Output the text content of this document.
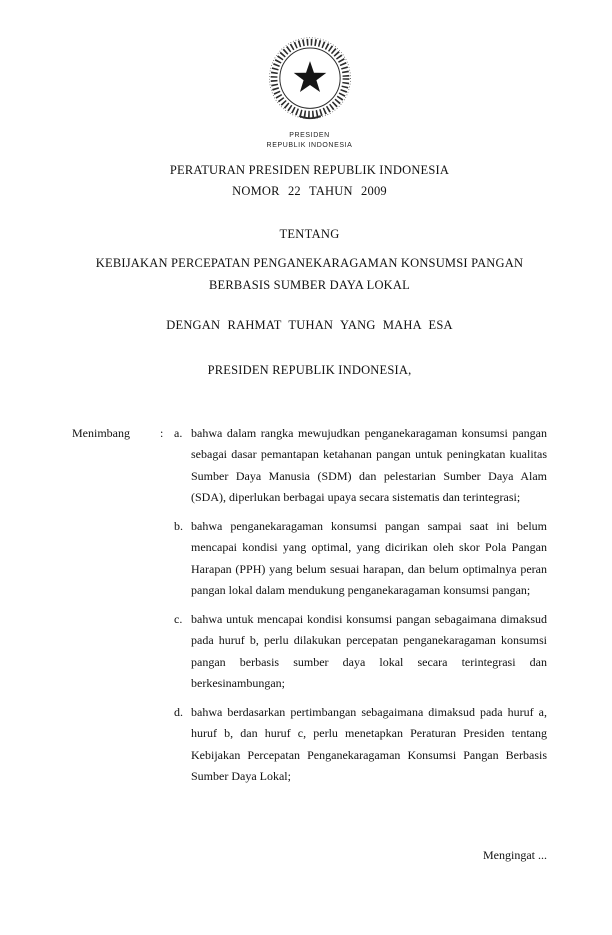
PRESIDEN
REPUBLIK INDONESIA
PERATURAN PRESIDEN REPUBLIK INDONESIA
NOMOR 22 TAHUN 2009
TENTANG
KEBIJAKAN PERCEPATAN PENGANEKARAGAMAN KONSUMSI PANGAN
BERBASIS SUMBER DAYA LOKAL
DENGAN RAHMAT TUHAN YANG MAHA ESA
PRESIDEN REPUBLIK INDONESIA,
Menimbang	: a. bahwa dalam rangka mewujudkan penganekaragaman konsumsi pangan sebagai dasar pemantapan ketahanan pangan untuk peningkatan kualitas Sumber Daya Manusia (SDM) dan pelestarian Sumber Daya Alam (SDA), diperlukan berbagai upaya secara sistematis dan terintegrasi;
b. bahwa penganekaragaman konsumsi pangan sampai saat ini belum mencapai kondisi yang optimal, yang dicirikan oleh skor Pola Pangan Harapan (PPH) yang belum sesuai harapan, dan belum optimalnya peran pangan lokal dalam mendukung penganekaragaman konsumsi pangan;
c. bahwa untuk mencapai kondisi konsumsi pangan sebagaimana dimaksud pada huruf b, perlu dilakukan percepatan penganekaragaman konsumsi pangan berbasis sumber daya lokal secara terintegrasi dan berkesinambungan;
d. bahwa berdasarkan pertimbangan sebagaimana dimaksud pada huruf a, huruf b, dan huruf c, perlu menetapkan Peraturan Presiden tentang Kebijakan Percepatan Penganekaragaman Konsumsi Pangan Berbasis Sumber Daya Lokal;
Mengingat ...
